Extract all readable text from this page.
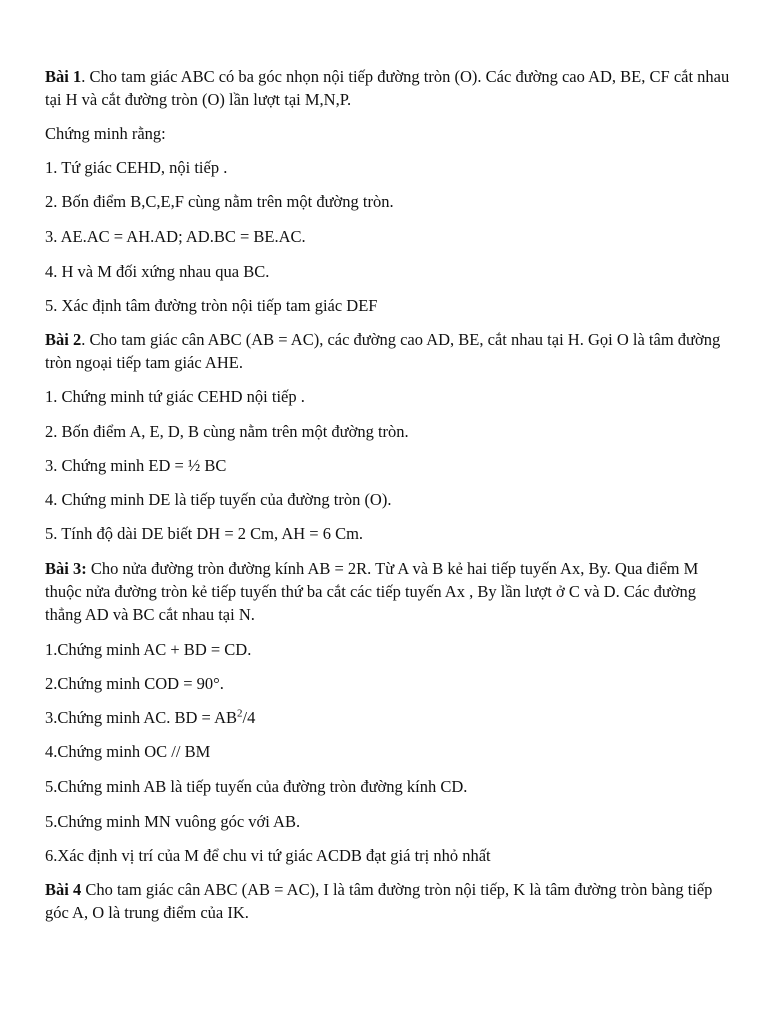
Bài 1. Cho tam giác ABC có ba góc nhọn nội tiếp đường tròn (O). Các đường cao AD, BE, CF cắt nhau tại H và cắt đường tròn (O) lần lượt tại M,N,P.
Chứng minh rằng:
1. Tứ giác CEHD, nội tiếp .
2. Bốn điểm B,C,E,F cùng nằm trên một đường tròn.
3. AE.AC = AH.AD; AD.BC = BE.AC.
4. H và M đối xứng nhau qua BC.
5. Xác định tâm đường tròn nội tiếp tam giác DEF
Bài 2. Cho tam giác cân ABC (AB = AC), các đường cao AD, BE, cắt nhau tại H. Gọi O là tâm đường tròn ngoại tiếp tam giác AHE.
1. Chứng minh tứ giác CEHD nội tiếp .
2. Bốn điểm A, E, D, B cùng nằm trên một đường tròn.
3. Chứng minh ED = ½ BC
4. Chứng minh DE là tiếp tuyến của đường tròn (O).
5. Tính độ dài DE biết DH = 2 Cm, AH = 6 Cm.
Bài 3: Cho nửa đường tròn đường kính AB = 2R. Từ A và B kẻ hai tiếp tuyến Ax, By. Qua điểm M thuộc nửa đường tròn kẻ tiếp tuyến thứ ba cắt các tiếp tuyến Ax , By lần lượt ở C và D. Các đường thẳng AD và BC cắt nhau tại N.
1.Chứng minh AC + BD = CD.
2.Chứng minh COD = 90°.
3.Chứng minh AC. BD = $AB^2/4$
4.Chứng minh OC // BM
5.Chứng minh AB là tiếp tuyến của đường tròn đường kính CD.
5.Chứng minh MN vuông góc với AB.
6.Xác định vị trí của M để chu vi tứ giác ACDB đạt giá trị nhỏ nhất
Bài 4 Cho tam giác cân ABC (AB = AC), I là tâm đường tròn nội tiếp, K là tâm đường tròn bàng tiếp góc A, O là trung điểm của IK.
